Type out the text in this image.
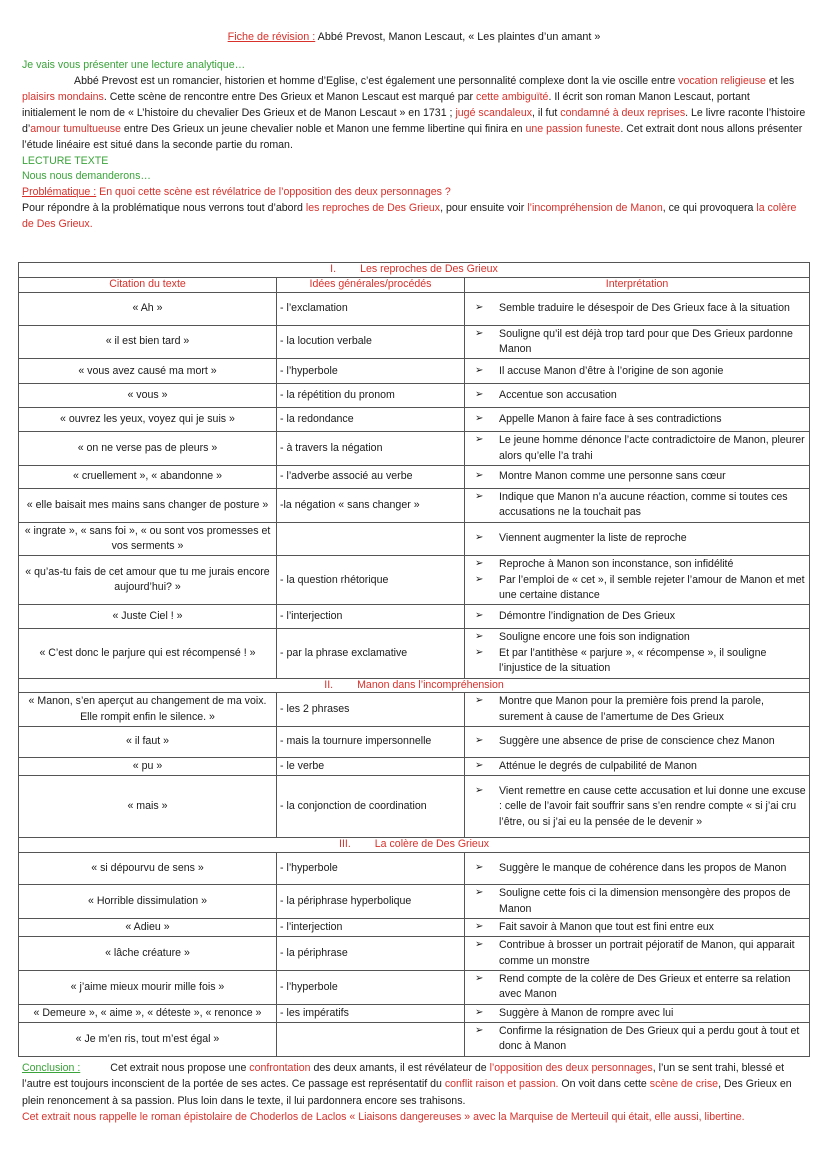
Fiche de révision : Abbé Prevost, Manon Lescaut, « Les plaintes d’un amant »

Je vais vous présenter une lecture analytique…

Abbé Prevost est un romancier, historien et homme d’Eglise, c’est également une personnalité complexe dont la vie oscille entre vocation religieuse et les plaisirs mondains. Cette scène de rencontre entre Des Grieux et Manon Lescaut est marqué par cette ambiguïté. Il écrit son roman Manon Lescaut, portant initialement le nom de « L’histoire du chevalier Des Grieux et de Manon Lescaut » en 1731 ; jugé scandaleux, il fut condamné à deux reprises. Le livre raconte l’histoire d’amour tumultueuse entre Des Grieux un jeune chevalier noble et Manon une femme libertine qui finira en une passion funeste. Cet extrait dont nous allons présenter l’étude linéaire est situé dans la seconde partie du roman.

LECTURE TEXTE

Nous nous demanderons…

Problématique : En quoi cette scène est révélatrice de l’opposition des deux personnages ?

Pour répondre à la problématique nous verrons tout d’abord les reproches de Des Grieux, pour ensuite voir l’incompréhension de Manon, ce qui provoquera la colère de Des Grieux.

I. Les reproches de Des Grieux		
Citation du texte	Idées générales/procédés	Interprétation
« Ah »	- l’exclamation	➢ Semble traduire le désespoir de Des Grieux face à la situation

« il est bien tard »	- la locution verbale	➢ Souligne qu’il est déjà trop tard pour que Des Grieux pardonne Manon

« vous avez causé ma mort »	- l’hyperbole	➢ Il accuse Manon d’être à l’origine de son agonie

« vous »	- la répétition du pronom	➢ Accentue son accusation

« ouvrez les yeux, voyez qui je suis »	- la redondance	➢ Appelle Manon à faire face à ses contradictions

« on ne verse pas de pleurs »	- à travers la négation	➢ Le jeune homme dénonce l’acte contradictoire de Manon, pleurer alors qu’elle l’a trahi

« cruellement », « abandonne »	- l’adverbe associé au verbe	➢ Montre Manon comme une personne sans cœur

« elle baisait mes mains sans changer de posture »	-la négation « sans changer »	➢ Indique que Manon n’a aucune réaction, comme si toutes ces accusations ne la touchait pas

« ingrate », « sans foi », « ou sont vos promesses et vos serments »		➢ Viennent augmenter la liste de reproche

« qu’as-tu fais de cet amour que tu me jurais encore aujourd’hui? »	- la question rhétorique	➢ Reproche à Manon son inconstance, son infidélité
➢ Par l’emploi de « cet », il semble rejeter l’amour de Manon et met une certaine distance

« Juste Ciel ! »	- l’interjection	➢ Démontre l’indignation de Des Grieux

« C’est donc le parjure qui est récompensé ! »	- par la phrase exclamative	➢ Souligne encore une fois son indignation
➢ Et par l’antithèse « parjure », « récompense », il souligne l’injustice de la situation

II. Manon dans l’incompréhension		
« Manon, s’en aperçut au changement de ma voix. Elle rompit enfin le silence. »	- les 2 phrases	➢ Montre que Manon pour la première fois prend la parole, surement à cause de l’amertume de Des Grieux

« il faut »	- mais la tournure impersonnelle	➢ Suggère une absence de prise de conscience chez Manon

« pu »	- le verbe	➢ Atténue le degrés de culpabilité de Manon

« mais »	- la conjonction de coordination	➢ Vient remettre en cause cette accusation et lui donne une excuse : celle de l’avoir fait souffrir sans s’en rendre compte « si j’ai cru l’être, ou si j’ai eu la pensée de le devenir »

III. La colère de Des Grieux		
« si dépourvu de sens »	- l’hyperbole	➢ Suggère le manque de cohérence dans les propos de Manon

« Horrible dissimulation »	- la périphrase hyperbolique	➢ Souligne cette fois ci la dimension mensongère des propos de Manon

« Adieu »	- l’interjection	➢ Fait savoir à Manon que tout est fini entre eux

« lâche créature »	- la périphrase	➢ Contribue à brosser un portrait péjoratif de Manon, qui apparait comme un monstre

« j’aime mieux mourir mille fois »	- l’hyperbole	➢ Rend compte de la colère de Des Grieux et enterre sa relation avec Manon

« Demeure », « aime », « déteste », « renonce »	- les impératifs	➢ Suggère à Manon de rompre avec lui

« Je m’en ris, tout m’est égal »		➢ Confirme la résignation de Des Grieux qui a perdu gout à tout et donc à Manon

Conclusion :	Cet extrait nous propose une confrontation des deux amants, il est révélateur de l’opposition des deux personnages, l’un se sent trahi, blessé et l’autre est toujours inconscient de la portée de ses actes. Ce passage est représentatif du conflit raison et passion. On voit dans cette scène de crise, Des Grieux en plein renoncement à sa passion. Plus loin dans le texte, il lui pardonnera encore ses trahisons.

Cet extrait nous rappelle le roman épistolaire de Choderlos de Laclos « Liaisons dangereuses » avec la Marquise de Merteuil qui était, elle aussi, libertine.
